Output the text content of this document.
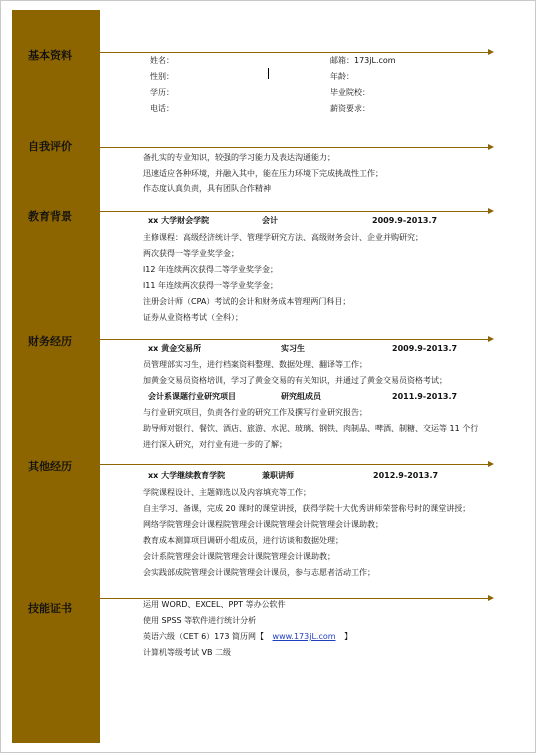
基本资料
自我评价
教育背景
财务经历
其他经历
技能证书
姓名：	邮箱：173jL.com
性别：	年龄：
学历：	毕业院校：
电话：	薪资要求：
备扎实的专业知识，较强的学习能力及表达沟通能力；
迅速适应各种环境，并融入其中，能在压力环境下完成挑战性工作；
作态度认真负责，具有团队合作精神
xx 大学财会学院	会计	2009.9-2013.7
主修课程：高级经济统计学、管理学研究方法、高级财务会计、企业并购研究；
两次获得一等学业奖学金；
l12 年连续两次获得二等学业奖学金；
l11 年连续两次获得一等学业奖学金；
注册会计师（CPA）考试的会计和财务成本管理两门科目；
证券从业资格考试（全科）；
xx 黄金交易所	实习生	2009.9-2013.7
员管理部实习生，进行档案资料整理、数据处理、翻译等工作；
加黄金交易员资格培训，学习了黄金交易的有关知识，并通过了黄金交易员资格考试；
会计系课题行业研究项目	研究组成员	2011.9-2013.7
与行业研究项目，负责各行业的研究工作及撰写行业研究报告；
助导师对银行、餐饮、酒店、旅游、水泥、玻璃、钢铁、肉制品、啤酒、制糖、交运等 11 个行
进行深入研究，对行业有进一步的了解；
xx 大学继续教育学院	兼职讲师	2012.9-2013.7
学院课程设计、主题筛选以及内容填充等工作；
自主学习、备课，完成 20 课时的课堂讲授，获得学院十大优秀讲师荣誉称号时的课堂讲授；
网络学院管理会计课程院管理会计课院管理会计院管理会计课助教；
教育成本测算项目调研小组成员，进行访谈和数据处理；
会计系院管理会计课院管理会计课院管理会计课助教；
会实践部成院管理会计课院管理会计课员，参与志愿者活动工作；
运用 WORD、EXCEL、PPT 等办公软件
使用 SPSS 等软件进行统计分析
英语六级（CET 6）173 简历网【 www.173jL.com 】
计算机等级考试 VB 二级
